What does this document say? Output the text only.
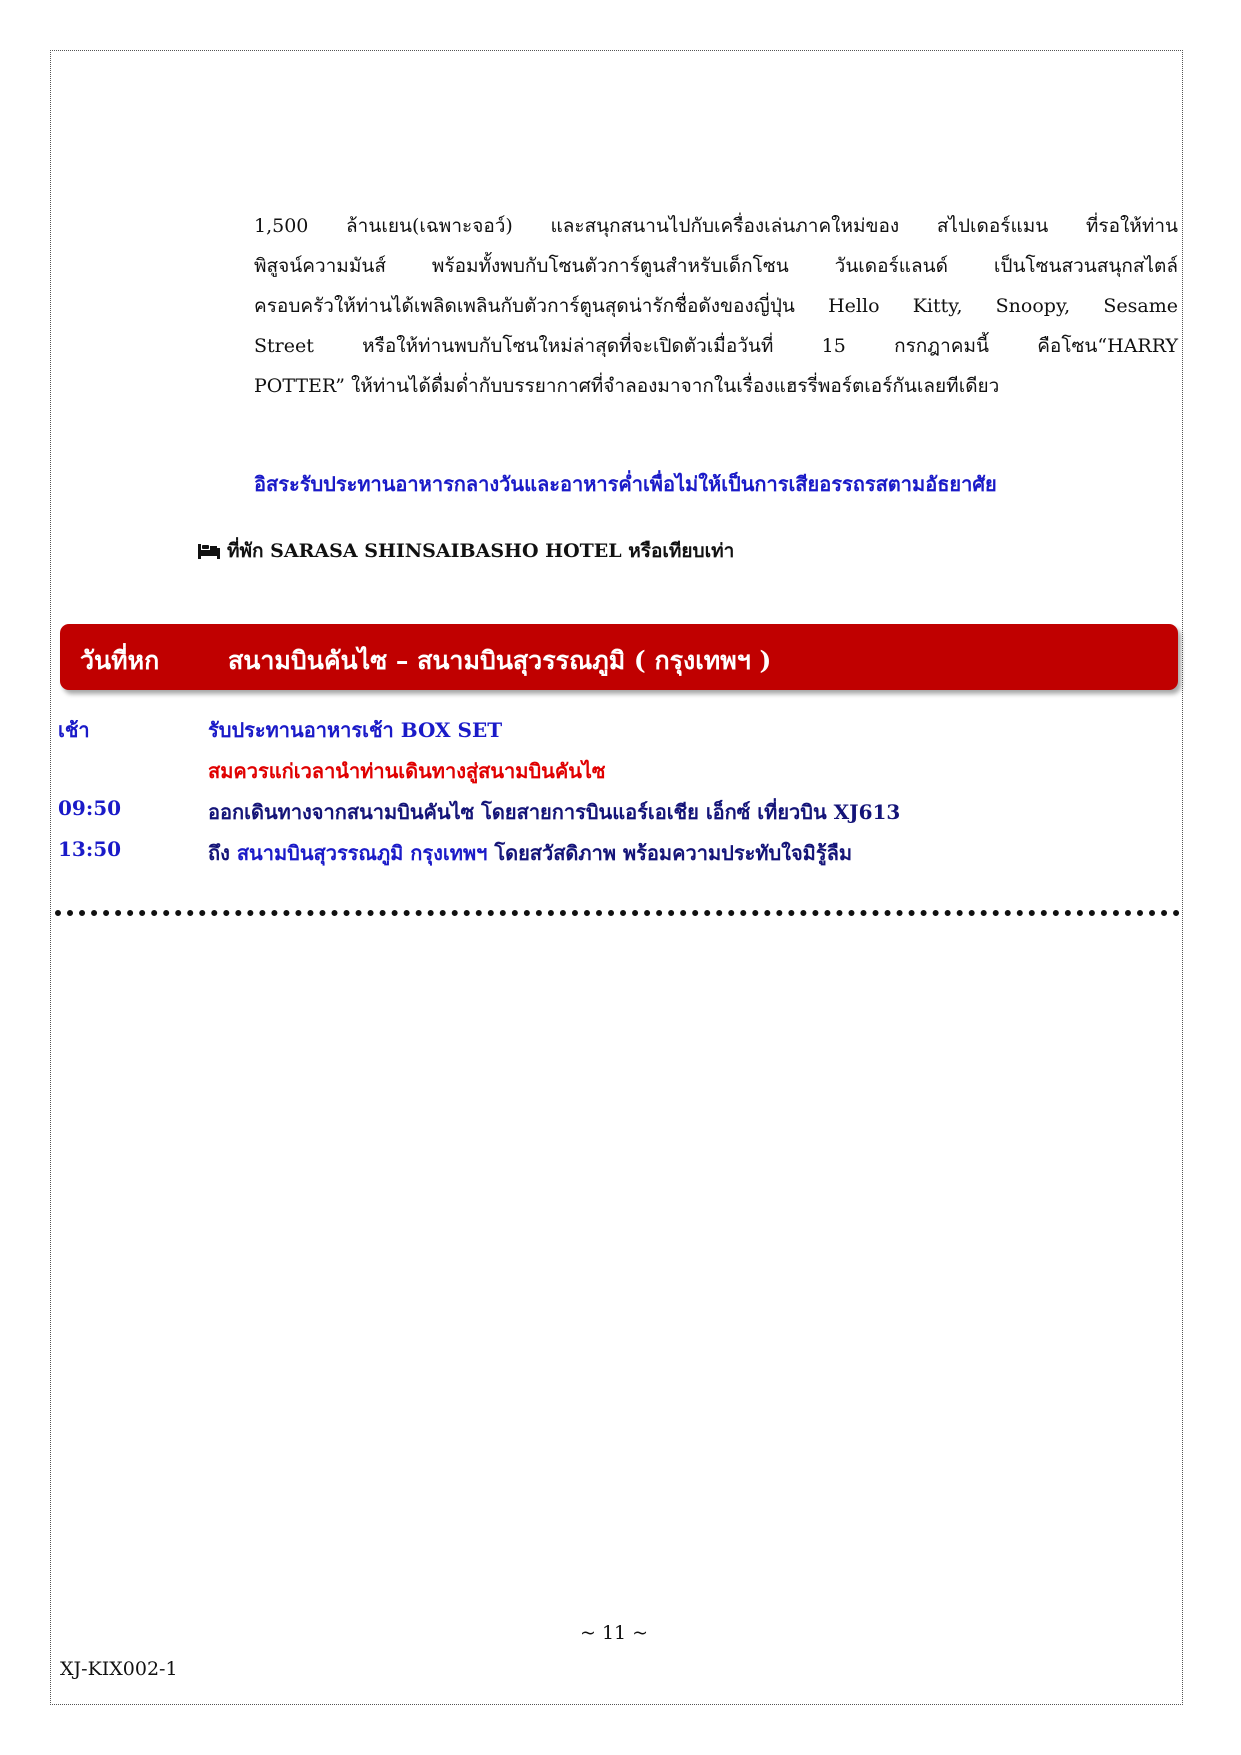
1,500 ล้านเยน(เฉพาะจอว์) และสนุกสนานไปกับเครื่องเล่นภาคใหม่ของ สไปเดอร์แมน ที่รอให้ท่าน
พิสูจน์ความมันส์ พร้อมทั้งพบกับโซนตัวการ์ตูนสำหรับเด็กโซน วันเดอร์แลนด์ เป็นโซนสวนสนุกสไตล์
ครอบครัวให้ท่านได้เพลิดเพลินกับตัวการ์ตูนสุดน่ารักชื่อดังของญี่ปุ่น Hello Kitty, Snoopy, Sesame
Street หรือให้ท่านพบกับโซนใหม่ล่าสุดที่จะเปิดตัวเมื่อวันที่ 15 กรกฎาคมนี้ คือโซน“HARRY
POTTER” ให้ท่านได้ดื่มด่ำกับบรรยากาศที่จำลองมาจากในเรื่องแฮรรี่พอร์ตเอร์กันเลยทีเดียว
อิสระรับประทานอาหารกลางวันและอาหารค่ำเพื่อไม่ให้เป็นการเสียอรรถรสตามอัธยาศัย
ที่พัก SARASA SHINSAIBASHO HOTEL หรือเทียบเท่า
วันที่หก	สนามบินคันไซ – สนามบินสุวรรณภูมิ ( กรุงเทพฯ )
เช้า	รับประทานอาหารเช้า BOX SET
สมควรแก่เวลานำท่านเดินทางสู่สนามบินคันไซ
09:50	ออกเดินทางจากสนามบินคันไซ โดยสายการบินแอร์เอเชีย เอ็กซ์ เที่ยวบิน XJ613
13:50	ถึง สนามบินสุวรรณภูมิ กรุงเทพฯ โดยสวัสดิภาพ พร้อมความประทับใจมิรู้ลืม
~ 11 ~
XJ-KIX002-1
